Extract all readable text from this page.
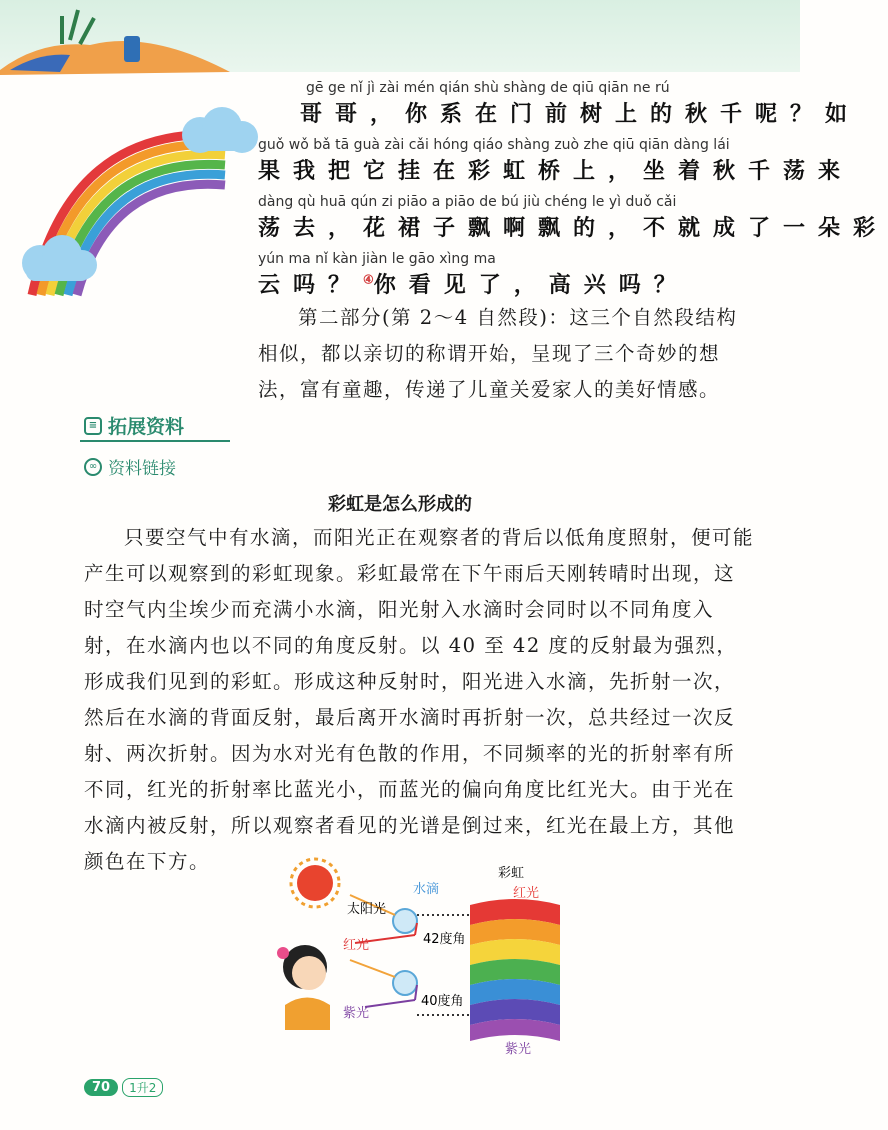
gē ge nǐ jì zài mén qián shù shàng de qiū qiān ne rú
哥哥，你系在门前树上的秋千呢？如
guǒ wǒ bǎ tā guà zài cǎi hóng qiáo shàng zuò zhe qiū qiān dàng lái
果我把它挂在彩虹桥上，坐着秋千荡来
dàng qù huā qún zi piāo a piāo de bú jiù chéng le yì duǒ cǎi
荡去，花裙子飘啊飘的，不就成了一朵彩
yún ma nǐ kàn jiàn le gāo xìng ma
云吗？④你看见了，高兴吗？
第二部分(第 2～4 自然段)：这三个自然段结构相似，都以亲切的称谓开始，呈现了三个奇妙的想法，富有童趣，传递了儿童关爱家人的美好情感。
≡ 拓展资料
∞ 资料链接
彩虹是怎么形成的
只要空气中有水滴，而阳光正在观察者的背后以低角度照射，便可能产生可以观察到的彩虹现象。彩虹最常在下午雨后天刚转晴时出现，这时空气内尘埃少而充满小水滴，阳光射入水滴时会同时以不同角度入射，在水滴内也以不同的角度反射。以 40 至 42 度的反射最为强烈，形成我们见到的彩虹。形成这种反射时，阳光进入水滴，先折射一次，然后在水滴的背面反射，最后离开水滴时再折射一次，总共经过一次反射、两次折射。因为水对光有色散的作用，不同频率的光的折射率有所不同，红光的折射率比蓝光小，而蓝光的偏向角度比红光大。由于光在水滴内被反射，所以观察者看见的光谱是倒过来，红光在最上方，其他颜色在下方。
彩虹
红光
水滴
太阳光
红光	42度角
40度角
紫光
紫光
70	1升2
